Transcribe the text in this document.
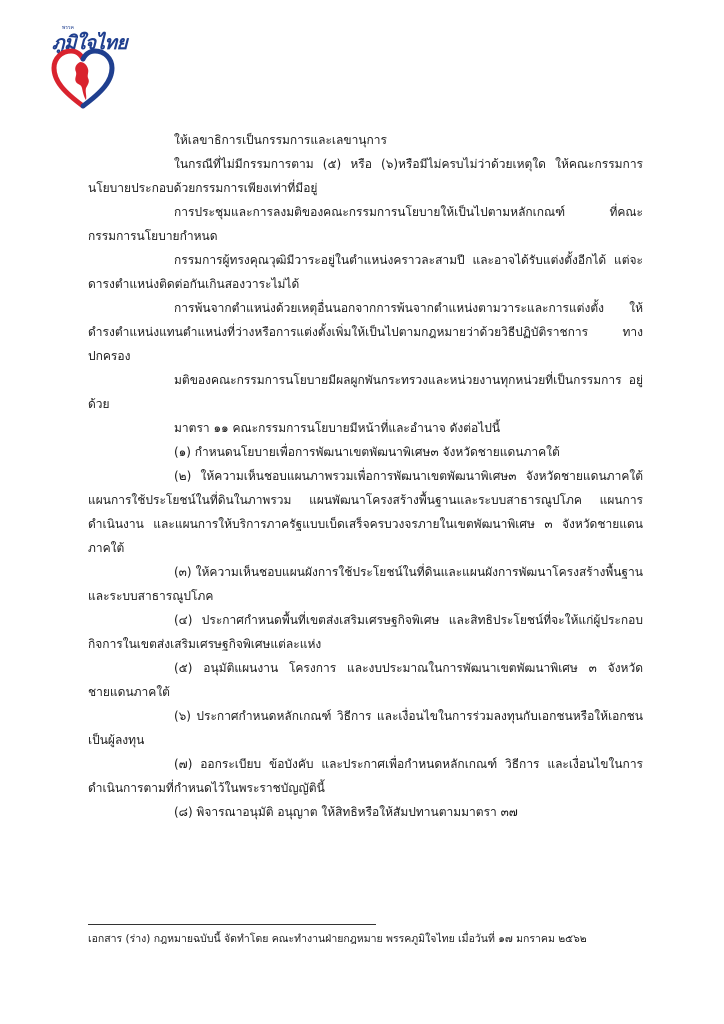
พรรค
ภูมิใจไทย

ให้เลขาธิการเป็นกรรมการและเลขานุการ

ในกรณีที่ไม่มีกรรมการตาม (๕) หรือ (๖)หรือมีไม่ครบไม่ว่าด้วยเหตุใด ให้คณะกรรมการนโยบายประกอบด้วยกรรมการเพียงเท่าที่มีอยู่

การประชุมและการลงมติของคณะกรรมการนโยบายให้เป็นไปตามหลักเกณฑ์ ที่คณะกรรมการนโยบายกำหนด

กรรมการผู้ทรงคุณวุฒิมีวาระอยู่ในตำแหน่งคราวละสามปี และอาจได้รับแต่งตั้งอีกได้ แต่จะดารงตำแหน่งติดต่อกันเกินสองวาระไม่ได้

การพ้นจากตำแหน่งด้วยเหตุอื่นนอกจากการพ้นจากตำแหน่งตามวาระและการแต่งตั้ง ให้ดำรงตำแหน่งแทนตำแหน่งที่ว่างหรือการแต่งตั้งเพิ่มให้เป็นไปตามกฎหมายว่าด้วยวิธีปฏิบัติราชการ ทางปกครอง

มติของคณะกรรมการนโยบายมีผลผูกพันกระทรวงและหน่วยงานทุกหน่วยที่เป็นกรรมการ อยู่ด้วย

มาตรา ๑๑ คณะกรรมการนโยบายมีหน้าที่และอำนาจ ดังต่อไปนี้

(๑) กำหนดนโยบายเพื่อการพัฒนาเขตพัฒนาพิเศษ๓ จังหวัดชายแดนภาคใต้

(๒) ให้ความเห็นชอบแผนภาพรวมเพื่อการพัฒนาเขตพัฒนาพิเศษ๓ จังหวัดชายแดนภาคใต้ แผนการใช้ประโยชน์ในที่ดินในภาพรวม แผนพัฒนาโครงสร้างพื้นฐานและระบบสาธารณูปโภค แผนการ ดำเนินงาน และแผนการให้บริการภาครัฐแบบเบ็ดเสร็จครบวงจรภายในเขตพัฒนาพิเศษ ๓ จังหวัดชายแดน ภาคใต้

(๓) ให้ความเห็นชอบแผนผังการใช้ประโยชน์ในที่ดินและแผนผังการพัฒนาโครงสร้างพื้นฐาน และระบบสาธารณูปโภค

(๔) ประกาศกำหนดพื้นที่เขตส่งเสริมเศรษฐกิจพิเศษ และสิทธิประโยชน์ที่จะให้แก่ผู้ประกอบ กิจการในเขตส่งเสริมเศรษฐกิจพิเศษแต่ละแห่ง

(๕) อนุมัติแผนงาน โครงการ และงบประมาณในการพัฒนาเขตพัฒนาพิเศษ ๓ จังหวัด ชายแดนภาคใต้

(๖) ประกาศกำหนดหลักเกณฑ์ วิธีการ และเงื่อนไขในการร่วมลงทุนกับเอกชนหรือให้เอกชน เป็นผู้ลงทุน

(๗) ออกระเบียบ ข้อบังคับ และประกาศเพื่อกำหนดหลักเกณฑ์ วิธีการ และเงื่อนไขในการ ดำเนินการตามที่กำหนดไว้ในพระราชบัญญัตินี้

(๘) พิจารณาอนุมัติ อนุญาต ให้สิทธิหรือให้สัมปทานตามมาตรา ๓๗

เอกสาร (ร่าง) กฎหมายฉบับนี้ จัดทำโดย คณะทำงานฝ่ายกฎหมาย พรรคภูมิใจไทย เมื่อวันที่ ๑๗ มกราคม ๒๕๖๒
